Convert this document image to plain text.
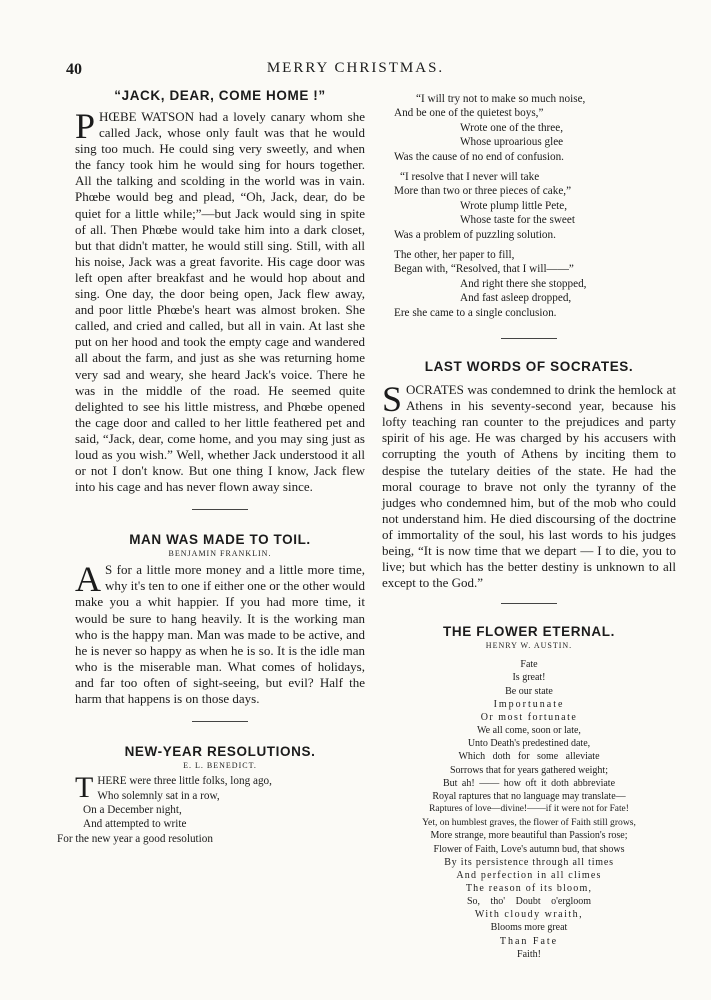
40	MERRY CHRISTMAS.
“JACK, DEAR, COME HOME !”

PHŒBE WATSON had a lovely canary whom she called Jack, whose only fault was that he would sing too much. He could sing very sweetly, and when the fancy took him he would sing for hours together. All the talking and scolding in the world was in vain. Phœbe would beg and plead, “Oh, Jack, dear, do be quiet for a little while;”—but Jack would sing in spite of all. Then Phœbe would take him into a dark closet, but that didn't matter, he would still sing. Still, with all his noise, Jack was a great favorite. His cage door was left open after breakfast and he would hop about and sing. One day, the door being open, Jack flew away, and poor little Phœbe's heart was almost broken. She called, and cried and called, but all in vain. At last she put on her hood and took the empty cage and wandered all about the farm, and just as she was returning home very sad and weary, she heard Jack's voice. There he was in the middle of the road. He seemed quite delighted to see his little mistress, and Phœbe opened the cage door and called to her little feathered pet and said, “Jack, dear, come home, and you may sing just as loud as you wish.” Well, whether Jack understood it all or not I don't know. But one thing I know, Jack flew into his cage and has never flown away since.

MAN WAS MADE TO TOIL.
BENJAMIN FRANKLIN.

A S for a little more money and a little more time, why it's ten to one if either one or the other would make you a whit happier. If you had more time, it would be sure to hang heavily. It is the working man who is the happy man. Man was made to be active, and he is never so happy as when he is so. It is the idle man who is the miserable man. What comes of holidays, and far too often of sight-seeing, but evil? Half the harm that happens is on those days.

NEW-YEAR RESOLUTIONS.
E. L. BENEDICT.
T HERE were three little folks, long ago,
Who solemnly sat in a row,
On a December night,
And attempted to write
For the new year a good resolution
“I will try not to make so much noise,
And be one of the quietest boys,”
Wrote one of the three,
Whose uproarious glee
Was the cause of no end of confusion.
“I resolve that I never will take
More than two or three pieces of cake,”
Wrote plump little Pete,
Whose taste for the sweet
Was a problem of puzzling solution.
The other, her paper to fill,
Began with, “Resolved, that I will——”
And right there she stopped,
And fast asleep dropped,
Ere she came to a single conclusion.
LAST WORDS OF SOCRATES.

SOCRATES was condemned to drink the hemlock at Athens in his seventy-second year, because his lofty teaching ran counter to the prejudices and party spirit of his age. He was charged by his accusers with corrupting the youth of Athens by inciting them to despise the tutelary deities of the state. He had the moral courage to brave not only the tyranny of the judges who condemned him, but of the mob who could not understand him. He died discoursing of the doctrine of immortality of the soul, his last words to his judges being, “It is now time that we depart — I to die, you to live; but which has the better destiny is unknown to all except to the God.”

THE FLOWER ETERNAL.
HENRY W. AUSTIN.
Fate
Is great!
Be our state
Importunate
Or most fortunate
We all come, soon or late,
Unto Death's predestined date,
Which doth for some alleviate
Sorrows that for years gathered weight;
But ah! —— how oft it doth abbreviate
Royal raptures that no language may translate—
Raptures of love—divine!——if it were not for Fate!
Yet, on humblest graves, the flower of Faith still grows,
More strange, more beautiful than Passion's rose;
Flower of Faith, Love's autumn bud, that shows
By its persistence through all times
And perfection in all climes
The reason of its bloom,
So, tho' Doubt o'ergloom
With cloudy wraith,
Blooms more great
Than Fate
Faith!
